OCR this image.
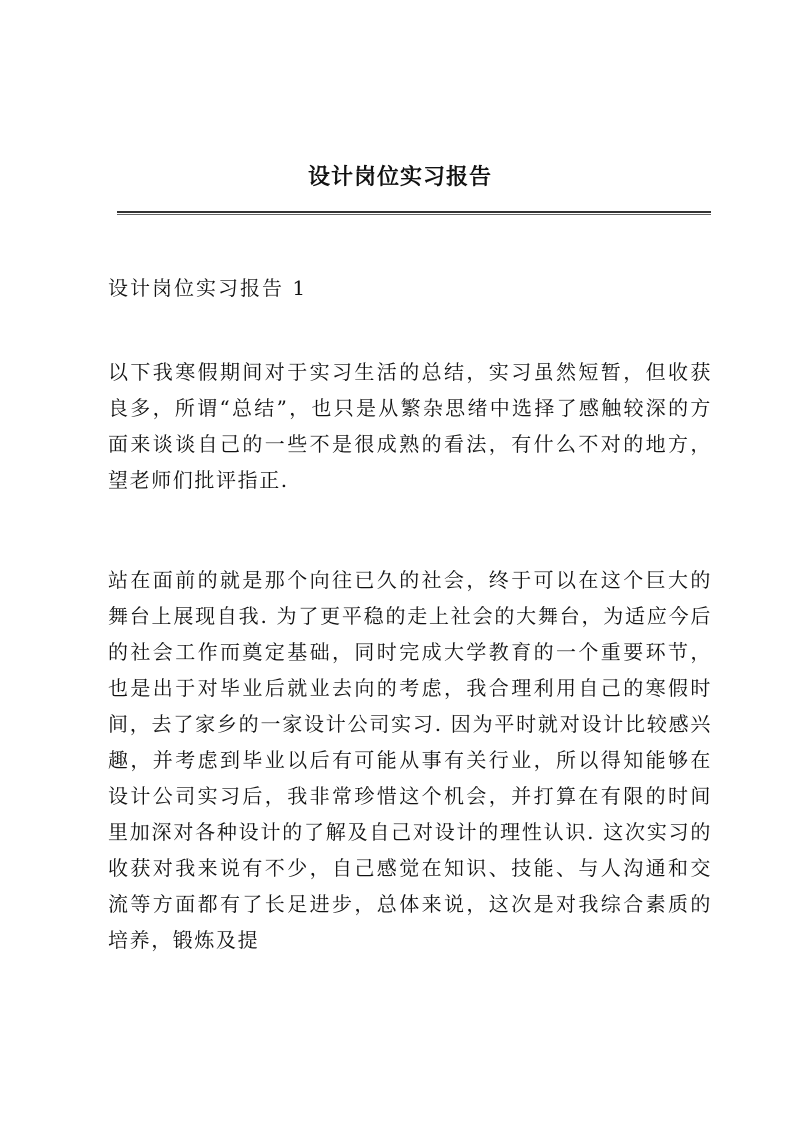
设计岗位实习报告
设计岗位实习报告 1

以下我寒假期间对于实习生活的总结，实习虽然短暂，但收获良多，所谓“总结”，也只是从繁杂思绪中选择了感触较深的方面来谈谈自己的一些不是很成熟的看法，有什么不对的地方，望老师们批评指正.

站在面前的就是那个向往已久的社会，终于可以在这个巨大的舞台上展现自我. 为了更平稳的走上社会的大舞台，为适应今后的社会工作而奠定基础，同时完成大学教育的一个重要环节，也是出于对毕业后就业去向的考虑，我合理利用自己的寒假时间，去了家乡的一家设计公司实习. 因为平时就对设计比较感兴趣，并考虑到毕业以后有可能从事有关行业，所以得知能够在设计公司实习后，我非常珍惜这个机会，并打算在有限的时间里加深对各种设计的了解及自己对设计的理性认识. 这次实习的收获对我来说有不少，自己感觉在知识、技能、与人沟通和交流等方面都有了长足进步，总体来说，这次是对我综合素质的培养，锻炼及提
